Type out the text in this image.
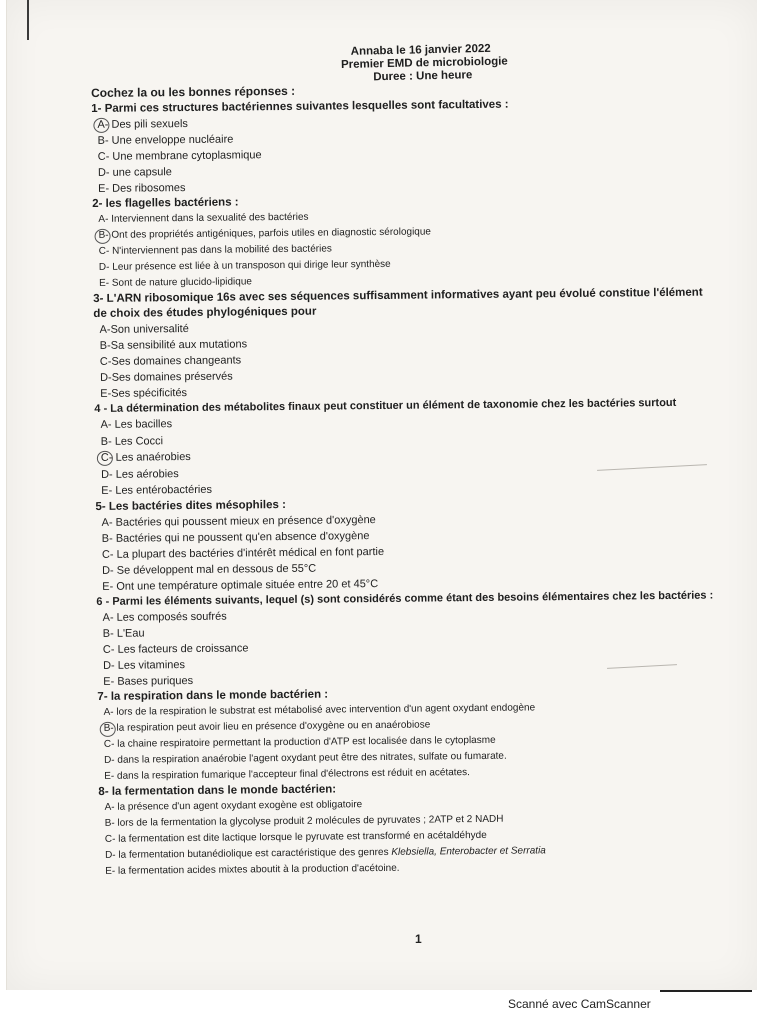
Annaba le 16 janvier 2022
Premier EMD de microbiologie
Duree : Une heure
Cochez la ou les bonnes réponses :
1- Parmi ces structures bactériennes suivantes lesquelles sont facultatives :
A- Des pili sexuels
B- Une enveloppe nucléaire
C- Une membrane cytoplasmique
D- une capsule
E- Des ribosomes
2- les flagelles bactériens :
A- Interviennent dans la sexualité des bactéries
B- Ont des propriétés antigéniques, parfois utiles en diagnostic sérologique
C- N'interviennent pas dans la mobilité des bactéries
D- Leur présence est liée à un transposon qui dirige leur synthèse
E- Sont de nature glucido-lipidique
3- L'ARN ribosomique 16s avec ses séquences suffisamment informatives ayant peu évolué constitue l'élément de choix des études phylogéniques pour
A-Son universalité
B-Sa sensibilité aux mutations
C-Ses domaines changeants
D-Ses domaines préservés
E-Ses spécificités
4 - La détermination des métabolites finaux peut constituer un élément de taxonomie chez les bactéries surtout
A- Les bacilles
B- Les Cocci
C- Les anaérobies
D- Les aérobies
E- Les entérobactéries
5- Les bactéries dites mésophiles :
A- Bactéries qui poussent mieux en présence d'oxygène
B- Bactéries qui ne poussent qu'en absence d'oxygène
C- La plupart des bactéries d'intérêt médical en font partie
D- Se développent mal en dessous de 55°C
E- Ont une température optimale située entre 20 et 45°C
6 - Parmi les éléments suivants, lequel (s) sont considérés comme étant des besoins élémentaires chez les bactéries :
A- Les composés soufrés
B- L'Eau
C- Les facteurs de croissance
D- Les vitamines
E- Bases puriques
7- la respiration dans le monde bactérien :
A- lors de la respiration le substrat est métabolisé avec intervention d'un agent oxydant endogène
B- la respiration peut avoir lieu en présence d'oxygène ou en anaérobiose
C- la chaine respiratoire permettant la production d'ATP est localisée dans le cytoplasme
D- dans la respiration anaérobie l'agent oxydant peut être des nitrates, sulfate ou fumarate.
E- dans la respiration fumarique l'accepteur final d'électrons est réduit en acétates.
8- la fermentation dans le monde bactérien:
A- la présence d'un agent oxydant exogène est obligatoire
B- lors de la fermentation la glycolyse produit 2 molécules de pyruvates ; 2ATP et 2 NADH
C- la fermentation est dite lactique lorsque le pyruvate est transformé en acétaldéhyde
D- la fermentation butanédiolique est caractéristique des genres Klebsiella, Enterobacter et Serratia
E- la fermentation acides mixtes aboutit à la production d'acétoine.
1
Scanné avec CamScanner
